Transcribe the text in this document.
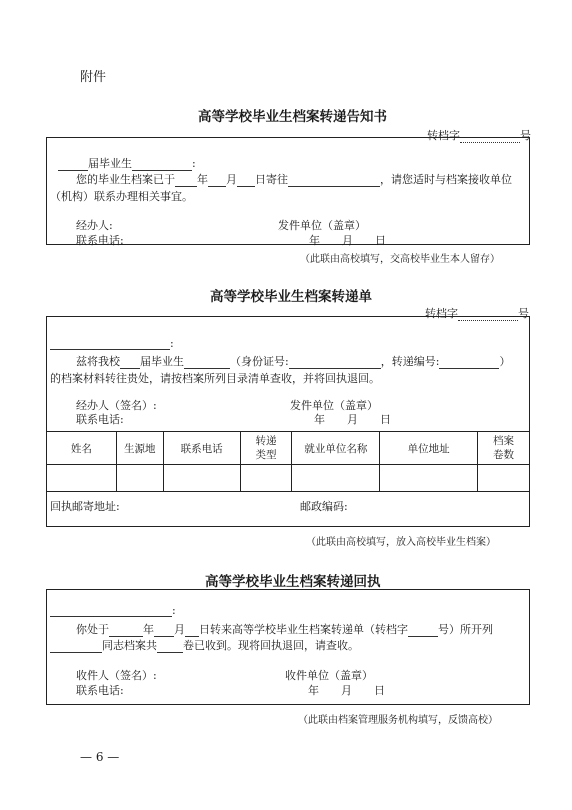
附件
高等学校毕业生档案转递告知书
转档字	号
届毕业生	:
您的毕业生档案已于 年 月 日寄往	，请您适时与档案接收单位
（机构）联系办理相关事宜。
经办人:	发件单位（盖章）
联系电话:	年 月 日
（此联由高校填写，交高校毕业生本人留存）
高等学校毕业生档案转递单
转档字	号
:
兹将我校 届毕业生	（身份证号:	，转递编号:	）
的档案材料转往贵处，请按档案所列目录清单查收，并将回执退回。
经办人（签名）:	发件单位（盖章）
联系电话:	年 月 日
姓名	生源地	联系电话	转递类型	就业单位名称	单位地址	档案卷数

回执邮寄地址:	邮政编码:
（此联由高校填写，放入高校毕业生档案）
高等学校毕业生档案转递回执
:
你处于	年 月 日转来高等学校毕业生档案转递单（转档字	号）所开列
同志档案共 卷已收到。现将回执退回，请查收。
收件人（签名）:	收件单位（盖章）
联系电话:	年 月 日
（此联由档案管理服务机构填写，反馈高校）
— 6 —
